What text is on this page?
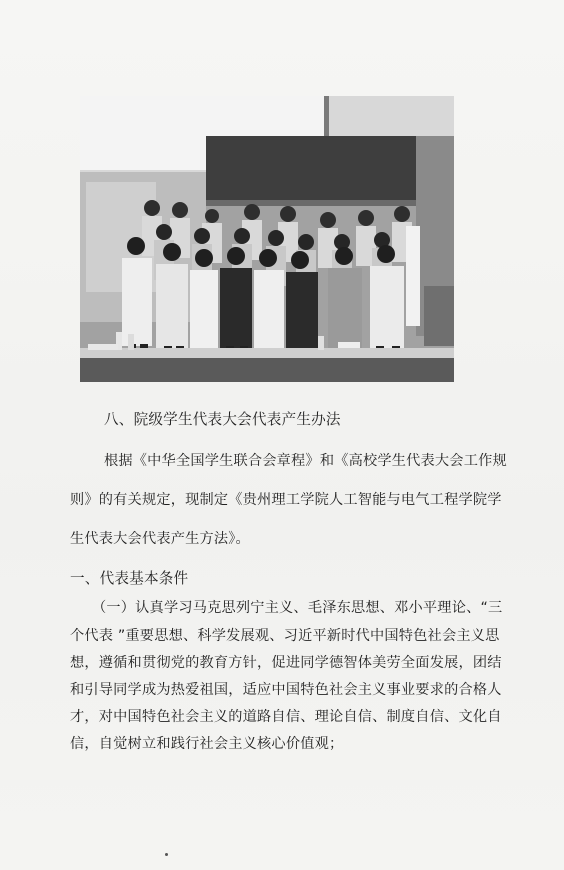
八、院级学生代表大会代表产生办法
根据《中华全国学生联合会章程》和《高校学生代表大会工作规
则》的有关规定，现制定《贵州理工学院人工智能与电气工程学院学
生代表大会代表产生方法》。
一、代表基本条件
（一）认真学习马克思列宁主义、毛泽东思想、邓小平理论、“三
个代表 ”重要思想、科学发展观、习近平新时代中国特色社会主义思
想，遵循和贯彻党的教育方针，促进同学德智体美劳全面发展，团结
和引导同学成为热爱祖国，适应中国特色社会主义事业要求的合格人
才，对中国特色社会主义的道路自信、理论自信、制度自信、文化自
信，自觉树立和践行社会主义核心价值观；
